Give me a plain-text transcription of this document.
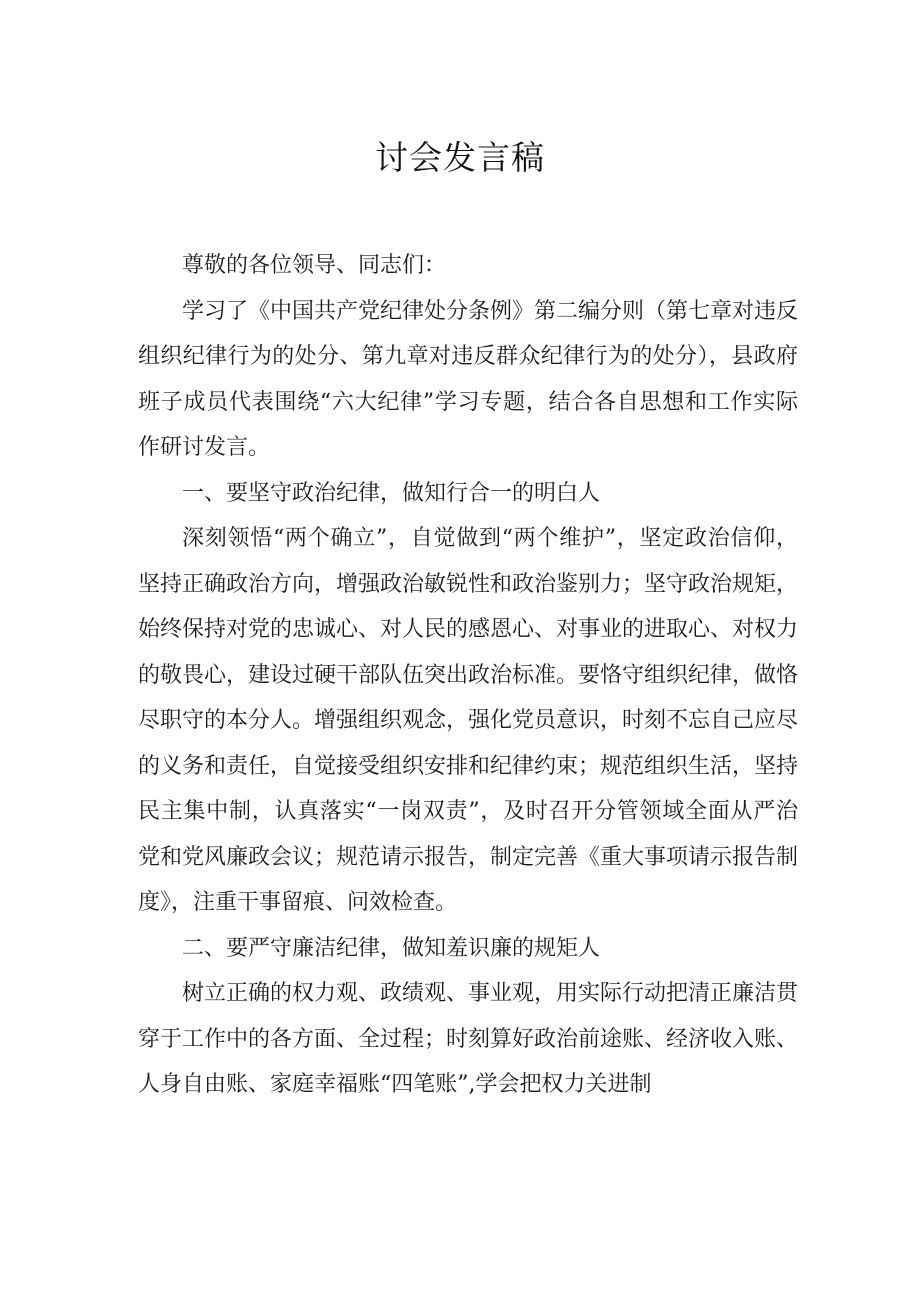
讨会发言稿

尊敬的各位领导、同志们：

学习了《中国共产党纪律处分条例》第二编分则（第七章对违反组织纪律行为的处分、第九章对违反群众纪律行为的处分），县政府班子成员代表围绕“六大纪律”学习专题，结合各自思想和工作实际作研讨发言。

一、要坚守政治纪律，做知行合一的明白人

深刻领悟“两个确立”，自觉做到“两个维护”，坚定政治信仰，坚持正确政治方向，增强政治敏锐性和政治鉴别力；坚守政治规矩，始终保持对党的忠诚心、对人民的感恩心、对事业的进取心、对权力的敬畏心，建设过硬干部队伍突出政治标准。要恪守组织纪律，做恪尽职守的本分人。增强组织观念，强化党员意识，时刻不忘自己应尽的义务和责任，自觉接受组织安排和纪律约束；规范组织生活，坚持民主集中制，认真落实“一岗双责”，及时召开分管领域全面从严治党和党风廉政会议；规范请示报告，制定完善《重大事项请示报告制度》，注重干事留痕、问效检查。

二、要严守廉洁纪律，做知羞识廉的规矩人

树立正确的权力观、政绩观、事业观，用实际行动把清正廉洁贯穿于工作中的各方面、全过程；时刻算好政治前途账、经济收入账、人身自由账、家庭幸福账“四笔账”,学会把权力关进制
